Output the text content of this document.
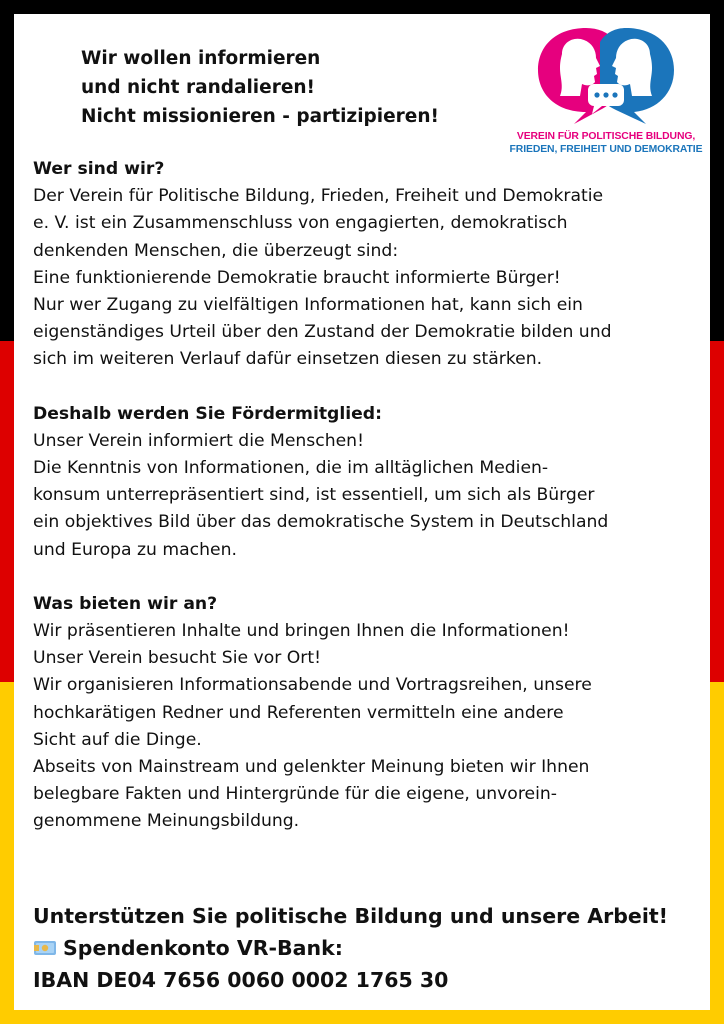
Wir wollen informieren
und nicht randalieren!
Nicht missionieren - partizipieren!
VEREIN FÜR POLITISCHE BILDUNG,
FRIEDEN, FREIHEIT UND DEMOKRATIE
Wer sind wir?
Der Verein für Politische Bildung, Frieden, Freiheit und Demokratie
e. V. ist ein Zusammenschluss von engagierten, demokratisch
denkenden Menschen, die überzeugt sind:
Eine funktionierende Demokratie braucht informierte Bürger!
Nur wer Zugang zu vielfältigen Informationen hat, kann sich ein
eigenständiges Urteil über den Zustand der Demokratie bilden und
sich im weiteren Verlauf dafür einsetzen diesen zu stärken.
Deshalb werden Sie Fördermitglied:
Unser Verein informiert die Menschen!
Die Kenntnis von Informationen, die im alltäglichen Medien-
konsum unterrepräsentiert sind, ist essentiell, um sich als Bürger
ein objektives Bild über das demokratische System in Deutschland
und Europa zu machen.
Was bieten wir an?
Wir präsentieren Inhalte und bringen Ihnen die Informationen!
Unser Verein besucht Sie vor Ort!
Wir organisieren Informationsabende und Vortragsreihen, unsere
hochkarätigen Redner und Referenten vermitteln eine andere
Sicht auf die Dinge.
Abseits von Mainstream und gelenkter Meinung bieten wir Ihnen
belegbare Fakten und Hintergründe für die eigene, unvorein-
genommene Meinungsbildung.
Unterstützen Sie politische Bildung und unsere Arbeit!
Spendenkonto VR-Bank:
IBAN DE04 7656 0060 0002 1765 30
